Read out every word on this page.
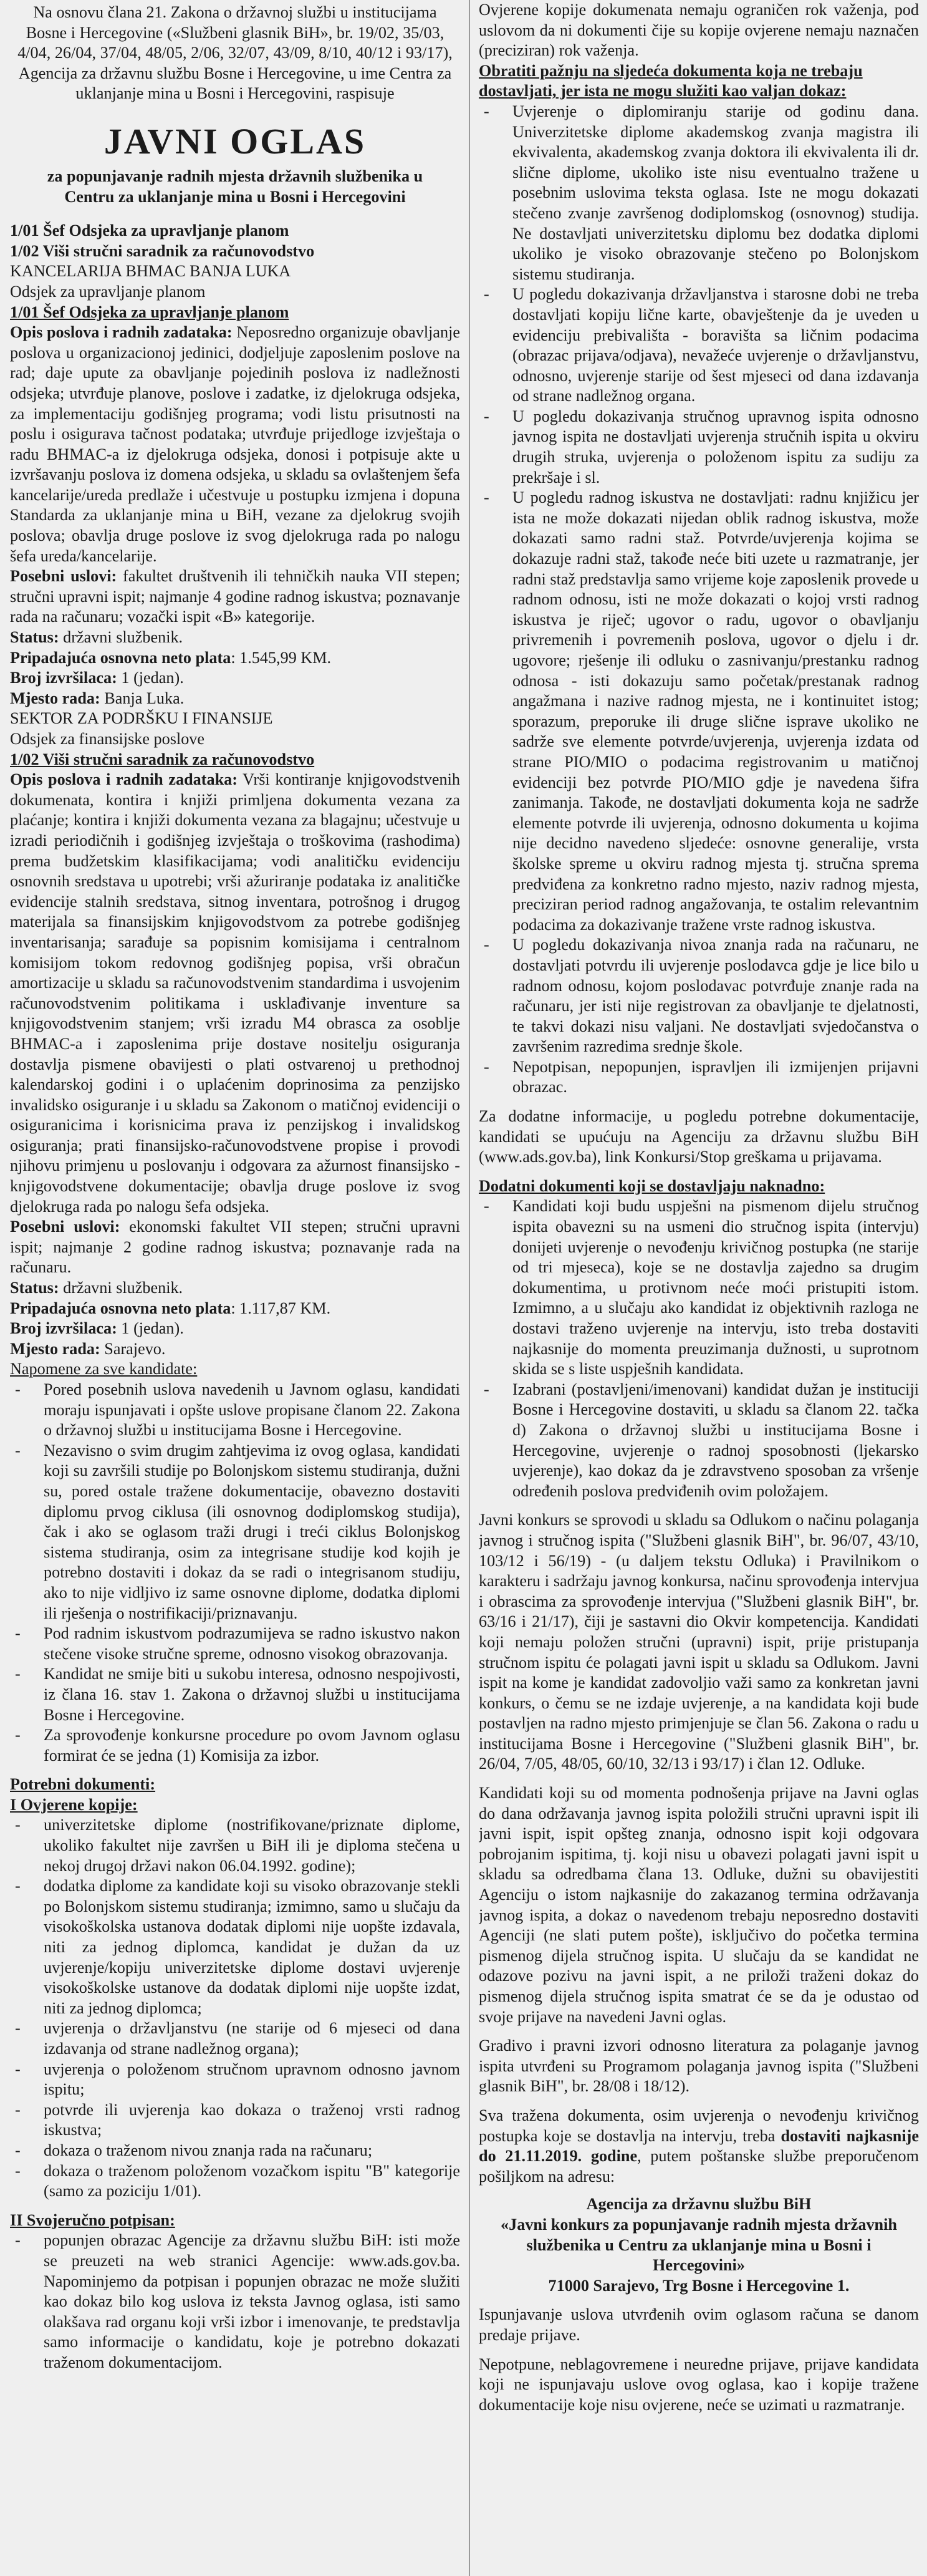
Na osnovu člana 21. Zakona o državnoj službi u institucijama Bosne i Hercegovine («Službeni glasnik BiH», br. 19/02, 35/03, 4/04, 26/04, 37/04, 48/05, 2/06, 32/07, 43/09, 8/10, 40/12 i 93/17), Agencija za državnu službu Bosne i Hercegovine, u ime Centra za uklanjanje mina u Bosni i Hercegovini, raspisuje

JAVNI OGLAS
za popunjavanje radnih mjesta državnih službenika u Centru za uklanjanje mina u Bosni i Hercegovini
1/01 Šef Odsjeka za upravljanje planom
1/02 Viši stručni saradnik za računovodstvo
KANCELARIJA BHMAC BANJA LUKA
Odsjek za upravljanje planom
1/01 Šef Odsjeka za upravljanje planom

Opis poslova i radnih zadataka: Neposredno organizuje obavljanje poslova u organizacionoj jedinici, dodjeljuje zaposlenim poslove na rad; daje upute za obavljanje pojedinih poslova iz nadležnosti odsjeka; utvrđuje planove, poslove i zadatke, iz djelokruga odsjeka, za implementaciju godišnjeg programa; vodi listu prisutnosti na poslu i osigurava tačnost podataka; utvrđuje prijedloge izvještaja o radu BHMAC-a iz djelokruga odsjeka, donosi i potpisuje akte u izvršavanju poslova iz domena odsjeka, u skladu sa ovlaštenjem šefa kancelarije/ureda predlaže i učestvuje u postupku izmjena i dopuna Standarda za uklanjanje mina u BiH, vezane za djelokrug svojih poslova; obavlja druge poslove iz svog djelokruga rada po nalogu šefa ureda/kancelarije.

Posebni uslovi: fakultet društvenih ili tehničkih nauka VII stepen; stručni upravni ispit; najmanje 4 godine radnog iskustva; poznavanje rada na računaru; vozački ispit «B» kategorije.

Status: državni službenik.
Pripadajuća osnovna neto plata: 1.545,99 KM.
Broj izvršilaca: 1 (jedan).
Mjesto rada: Banja Luka.
SEKTOR ZA PODRŠKU I FINANSIJE
Odsjek za finansijske poslove
1/02 Viši stručni saradnik za računovodstvo

Opis poslova i radnih zadataka: Vrši kontiranje knjigovodstvenih dokumenata, kontira i knjiži primljena dokumenta vezana za plaćanje; kontira i knjiži dokumenta vezana za blagajnu; učestvuje u izradi periodičnih i godišnjeg izvještaja o troškovima (rashodima) prema budžetskim klasifikacijama; vodi analitičku evidenciju osnovnih sredstava u upotrebi; vrši ažuriranje podataka iz analitičke evidencije stalnih sredstava, sitnog inventara, potrošnog i drugog materijala sa finansijskim knjigovodstvom za potrebe godišnjeg inventarisanja; sarađuje sa popisnim komisijama i centralnom komisijom tokom redovnog godišnjeg popisa, vrši obračun amortizacije u skladu sa računovodstvenim standardima i usvojenim računovodstvenim politikama i usklađivanje inventure sa knjigovodstvenim stanjem; vrši izradu M4 obrasca za osoblje BHMAC-a i zaposlenima prije dostave nositelju osiguranja dostavlja pismene obavijesti o plati ostvarenoj u prethodnoj kalendarskoj godini i o uplaćenim doprinosima za penzijsko invalidsko osiguranje i u skladu sa Zakonom o matičnoj evidenciji o osiguranicima i korisnicima prava iz penzijskog i invalidskog osiguranja; prati finansijsko-računovodstvene propise i provodi njihovu primjenu u poslovanju i odgovara za ažurnost finansijsko - knjigovodstvene dokumentacije; obavlja druge poslove iz svog djelokruga rada po nalogu šefa odsjeka.

Posebni uslovi: ekonomski fakultet VII stepen; stručni upravni ispit; najmanje 2 godine radnog iskustva; poznavanje rada na računaru.

Status: državni službenik.
Pripadajuća osnovna neto plata: 1.117,87 KM.
Broj izvršilaca: 1 (jedan).
Mjesto rada: Sarajevo.
Napomene za sve kandidate:
- Pored posebnih uslova navedenih u Javnom oglasu, kandidati moraju ispunjavati i opšte uslove propisane članom 22. Zakona o državnoj službi u institucijama Bosne i Hercegovine.
- Nezavisno o svim drugim zahtjevima iz ovog oglasa, kandidati koji su završili studije po Bolonjskom sistemu studiranja, dužni su, pored ostale tražene dokumentacije, obavezno dostaviti diplomu prvog ciklusa (ili osnovnog dodiplomskog studija), čak i ako se oglasom traži drugi i treći ciklus Bolonjskog sistema studiranja, osim za integrisane studije kod kojih je potrebno dostaviti i dokaz da se radi o integrisanom studiju, ako to nije vidljivo iz same osnovne diplome, dodatka diplomi ili rješenja o nostrifikaciji/priznavanju.
- Pod radnim iskustvom podrazumijeva se radno iskustvo nakon stečene visoke stručne spreme, odnosno visokog obrazovanja.
- Kandidat ne smije biti u sukobu interesa, odnosno nespojivosti, iz člana 16. stav 1. Zakona o državnoj službi u institucijama Bosne i Hercegovine.
- Za sprovođenje konkursne procedure po ovom Javnom oglasu formirat će se jedna (1) Komisija za izbor.
Potrebni dokumenti:
I Ovjerene kopije:
- univerzitetske diplome (nostrifikovane/priznate diplome, ukoliko fakultet nije završen u BiH ili je diploma stečena u nekoj drugoj državi nakon 06.04.1992. godine);
- dodatka diplome za kandidate koji su visoko obrazovanje stekli po Bolonjskom sistemu studiranja; izmimno, samo u slučaju da visokoškolska ustanova dodatak diplomi nije uopšte izdavala, niti za jednog diplomca, kandidat je dužan da uz uvjerenje/kopiju univerzitetske diplome dostavi uvjerenje visokoškolske ustanove da dodatak diplomi nije uopšte izdat, niti za jednog diplomca;
- uvjerenja o državljanstvu (ne starije od 6 mjeseci od dana izdavanja od strane nadležnog organa);
- uvjerenja o položenom stručnom upravnom odnosno javnom ispitu;
- potvrde ili uvjerenja kao dokaza o traženoj vrsti radnog iskustva;
- dokaza o traženom nivou znanja rada na računaru;
- dokaza o traženom položenom vozačkom ispitu "B" kategorije (samo za poziciju 1/01).
II Svojeručno potpisan:
- popunjen obrazac Agencije za državnu službu BiH: isti može se preuzeti na web stranici Agencije: www.ads.gov.ba. Napominjemo da potpisan i popunjen obrazac ne može služiti kao dokaz bilo kog uslova iz teksta Javnog oglasa, isti samo olakšava rad organu koji vrši izbor i imenovanje, te predstavlja samo informacije o kandidatu, koje je potrebno dokazati traženom dokumentacijom.

Ovjerene kopije dokumenata nemaju ograničen rok važenja, pod uslovom da ni dokumenti čije su kopije ovjerene nemaju naznačen (preciziran) rok važenja.

Obratiti pažnju na sljedeća dokumenta koja ne trebaju dostavljati, jer ista ne mogu služiti kao valjan dokaz:
- Uvjerenje o diplomiranju starije od godinu dana. Univerzitetske diplome akademskog zvanja magistra ili ekvivalenta, akademskog zvanja doktora ili ekvivalenta ili dr. slične diplome, ukoliko iste nisu eventualno tražene u posebnim uslovima teksta oglasa. Iste ne mogu dokazati stečeno zvanje završenog dodiplomskog (osnovnog) studija. Ne dostavljati univerzitetsku diplomu bez dodatka diplomi ukoliko je visoko obrazovanje stečeno po Bolonjskom sistemu studiranja.
- U pogledu dokazivanja državljanstva i starosne dobi ne treba dostavljati kopiju lične karte, obavještenje da je uveden u evidenciju prebivališta - boravišta sa ličnim podacima (obrazac prijava/odjava), nevažeće uvjerenje o državljanstvu, odnosno, uvjerenje starije od šest mjeseci od dana izdavanja od strane nadležnog organa.
- U pogledu dokazivanja stručnog upravnog ispita odnosno javnog ispita ne dostavljati uvjerenja stručnih ispita u okviru drugih struka, uvjerenja o položenom ispitu za sudiju za prekršaje i sl.
- U pogledu radnog iskustva ne dostavljati: radnu knjižicu jer ista ne može dokazati nijedan oblik radnog iskustva, može dokazati samo radni staž. Potvrde/uvjerenja kojima se dokazuje radni staž, takođe neće biti uzete u razmatranje, jer radni staž predstavlja samo vrijeme koje zaposlenik provede u radnom odnosu, isti ne može dokazati o kojoj vrsti radnog iskustva je riječ; ugovor o radu, ugovor o obavljanju privremenih i povremenih poslova, ugovor o djelu i dr. ugovore; rješenje ili odluku o zasnivanju/prestanku radnog odnosa - isti dokazuju samo početak/prestanak radnog angažmana i nazive radnog mjesta, ne i kontinuitet istog; sporazum, preporuke ili druge slične isprave ukoliko ne sadrže sve elemente potvrde/uvjerenja, uvjerenja izdata od strane PIO/MIO o podacima registrovanim u matičnoj evidenciji bez potvrde PIO/MIO gdje je navedena šifra zanimanja. Takođe, ne dostavljati dokumenta koja ne sadrže elemente potvrde ili uvjerenja, odnosno dokumenta u kojima nije decidno navedeno sljedeće: osnovne generalije, vrsta školske spreme u okviru radnog mjesta tj. stručna sprema predviđena za konkretno radno mjesto, naziv radnog mjesta, preciziran period radnog angažovanja, te ostalim relevantnim podacima za dokazivanje tražene vrste radnog iskustva.
- U pogledu dokazivanja nivoa znanja rada na računaru, ne dostavljati potvrdu ili uvjerenje poslodavca gdje je lice bilo u radnom odnosu, kojom poslodavac potvrđuje znanje rada na računaru, jer isti nije registrovan za obavljanje te djelatnosti, te takvi dokazi nisu valjani. Ne dostavljati svjedočanstva o završenim razredima srednje škole.
- Nepotpisan, nepopunjen, ispravljen ili izmijenjen prijavni obrazac.

Za dodatne informacije, u pogledu potrebne dokumentacije, kandidati se upućuju na Agenciju za državnu službu BiH (www.ads.gov.ba), link Konkursi/Stop greškama u prijavama.

Dodatni dokumenti koji se dostavljaju naknadno:
- Kandidati koji budu uspješni na pismenom dijelu stručnog ispita obavezni su na usmeni dio stručnog ispita (intervju) donijeti uvjerenje o nevođenju krivičnog postupka (ne starije od tri mjeseca), koje se ne dostavlja zajedno sa drugim dokumentima, u protivnom neće moći pristupiti istom. Izmimno, a u slučaju ako kandidat iz objektivnih razloga ne dostavi traženo uvjerenje na intervju, isto treba dostaviti najkasnije do momenta preuzimanja dužnosti, u suprotnom skida se s liste uspješnih kandidata.
- Izabrani (postavljeni/imenovani) kandidat dužan je instituciji Bosne i Hercegovine dostaviti, u skladu sa članom 22. tačka d) Zakona o državnoj službi u institucijama Bosne i Hercegovine, uvjerenje o radnoj sposobnosti (ljekarsko uvjerenje), kao dokaz da je zdravstveno sposoban za vršenje određenih poslova predviđenih ovim položajem.

Javni konkurs se sprovodi u skladu sa Odlukom o načinu polaganja javnog i stručnog ispita ("Službeni glasnik BiH", br. 96/07, 43/10, 103/12 i 56/19) - (u daljem tekstu Odluka) i Pravilnikom o karakteru i sadržaju javnog konkursa, načinu sprovođenja intervjua i obrascima za sprovođenje intervjua ("Službeni glasnik BiH", br. 63/16 i 21/17), čiji je sastavni dio Okvir kompetencija. Kandidati koji nemaju položen stručni (upravni) ispit, prije pristupanja stručnom ispitu će polagati javni ispit u skladu sa Odlukom. Javni ispit na kome je kandidat zadovoljio važi samo za konkretan javni konkurs, o čemu se ne izdaje uvjerenje, a na kandidata koji bude postavljen na radno mjesto primjenjuje se član 56. Zakona o radu u institucijama Bosne i Hercegovine ("Službeni glasnik BiH", br. 26/04, 7/05, 48/05, 60/10, 32/13 i 93/17) i član 12. Odluke.

Kandidati koji su od momenta podnošenja prijave na Javni oglas do dana održavanja javnog ispita položili stručni upravni ispit ili javni ispit, ispit opšteg znanja, odnosno ispit koji odgovara pobrojanim ispitima, tj. koji nisu u obavezi polagati javni ispit u skladu sa odredbama člana 13. Odluke, dužni su obavijestiti Agenciju o istom najkasnije do zakazanog termina održavanja javnog ispita, a dokaz o navedenom trebaju neposredno dostaviti Agenciji (ne slati putem pošte), isključivo do početka termina pismenog dijela stručnog ispita. U slučaju da se kandidat ne odazove pozivu na javni ispit, a ne priloži traženi dokaz do pismenog dijela stručnog ispita smatrat će se da je odustao od svoje prijave na navedeni Javni oglas.

Gradivo i pravni izvori odnosno literatura za polaganje javnog ispita utvrđeni su Programom polaganja javnog ispita ("Službeni glasnik BiH", br. 28/08 i 18/12).

Sva tražena dokumenta, osim uvjerenja o nevođenju krivičnog postupka koje se dostavlja na intervju, treba dostaviti najkasnije do 21.11.2019. godine, putem poštanske službe preporučenom pošiljkom na adresu:

Agencija za državnu službu BiH
«Javni konkurs za popunjavanje radnih mjesta državnih službenika u Centru za uklanjanje mina u Bosni i Hercegovini»
71000 Sarajevo, Trg Bosne i Hercegovine 1.

Ispunjavanje uslova utvrđenih ovim oglasom računa se danom predaje prijave.

Nepotpune, neblagovremene i neuredne prijave, prijave kandidata koji ne ispunjavaju uslove ovog oglasa, kao i kopije tražene dokumentacije koje nisu ovjerene, neće se uzimati u razmatranje.
